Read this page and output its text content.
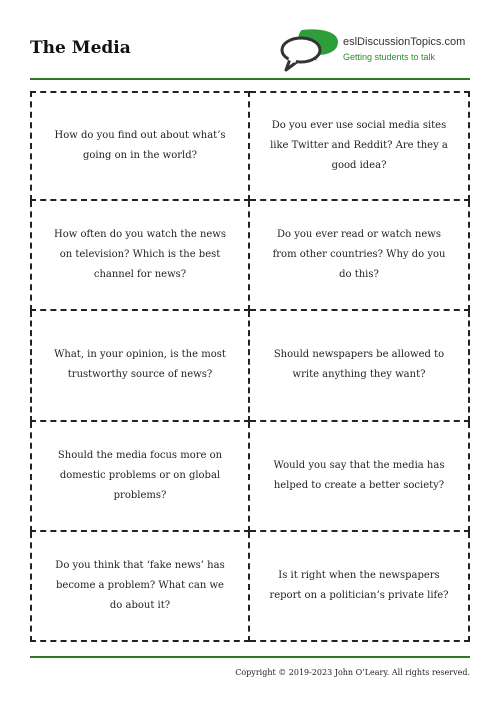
The Media	eslDiscussionTopics.com
Getting students to talk
How do you find out about what’s going on in the world?
Do you ever use social media sites like Twitter and Reddit? Are they a good idea?
How often do you watch the news on television? Which is the best channel for news?
Do you ever read or watch news from other countries? Why do you do this?
What, in your opinion, is the most trustworthy source of news?
Should newspapers be allowed to write anything they want?
Should the media focus more on domestic problems or on global problems?
Would you say that the media has helped to create a better society?
Do you think that ‘fake news’ has become a problem? What can we do about it?
Is it right when the newspapers report on a politician’s private life?
Copyright © 2019-2023 John O’Leary. All rights reserved.
